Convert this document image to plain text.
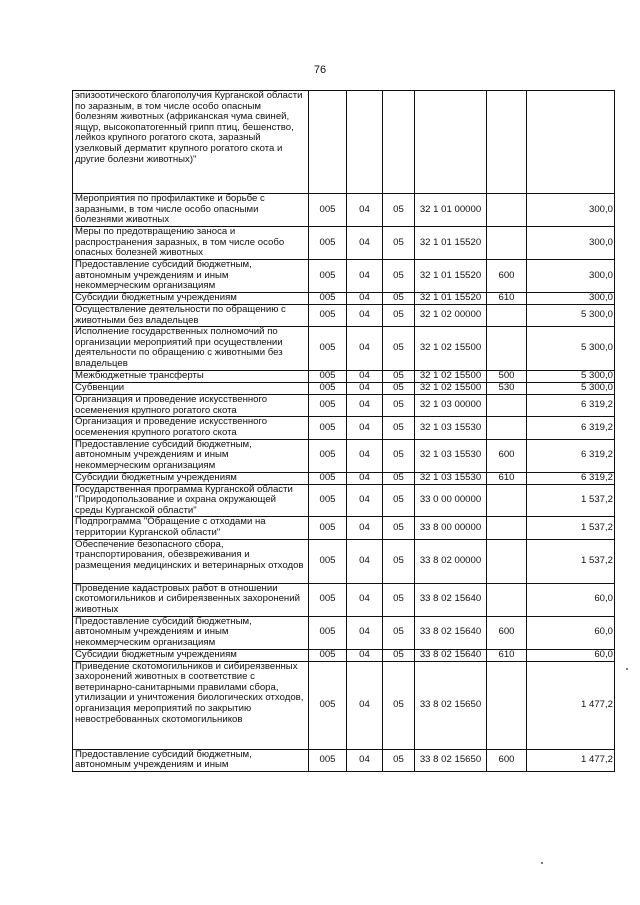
76
эпизоотического благополучия Курганской области по заразным, в том числе особо опасным болезням животных (африканская чума свиней, ящур, высокопатогенный грипп птиц, бешенство, лейкоз крупного рогатого скота, заразный узелковый дерматит крупного рогатого скота и другие болезни животных)"						
Мероприятия по профилактике и борьбе с заразными, в том числе особо опасными болезнями животных	005	04	05	32 1 01 00000		300,0
Меры по предотвращению заноса и распространения заразных, в том числе особо опасных болезней животных	005	04	05	32 1 01 15520		300,0
Предоставление субсидий бюджетным, автономным учреждениям и иным некоммерческим организациям	005	04	05	32 1 01 15520	600	300,0
Субсидии бюджетным учреждениям	005	04	05	32 1 01 15520	610	300,0
Осуществление деятельности по обращению с животными без владельцев	005	04	05	32 1 02 00000		5 300,0
Исполнение государственных полномочий по организации мероприятий при осуществлении деятельности по обращению с животными без владельцев	005	04	05	32 1 02 15500		5 300,0
Межбюджетные трансферты	005	04	05	32 1 02 15500	500	5 300,0
Субвенции	005	04	05	32 1 02 15500	530	5 300,0
Организация и проведение искусственного осеменения крупного рогатого скота	005	04	05	32 1 03 00000		6 319,2
Организация и проведение искусственного осеменения крупного рогатого скота	005	04	05	32 1 03 15530		6 319,2
Предоставление субсидий бюджетным, автономным учреждениям и иным некоммерческим организациям	005	04	05	32 1 03 15530	600	6 319,2
Субсидии бюджетным учреждениям	005	04	05	32 1 03 15530	610	6 319,2
Государственная программа Курганской области "Природопользование и охрана окружающей среды Курганской области"	005	04	05	33 0 00 00000		1 537,2
Подпрограмма "Обращение с отходами на территории Курганской области"	005	04	05	33 8 00 00000		1 537,2
Обеспечение безопасного сбора, транспортирования, обезвреживания и размещения медицинских и ветеринарных отходов	005	04	05	33 8 02 00000		1 537,2
Проведение кадастровых работ в отношении скотомогильников и сибиреязвенных захоронений животных	005	04	05	33 8 02 15640		60,0
Предоставление субсидий бюджетным, автономным учреждениям и иным некоммерческим организациям	005	04	05	33 8 02 15640	600	60,0
Субсидии бюджетным учреждениям	005	04	05	33 8 02 15640	610	60,0
Приведение скотомогильников и сибиреязвенных захоронений животных в соответствие с ветеринарно-санитарными правилами сбора, утилизации и уничтожения биологических отходов, организация мероприятий по закрытию невостребованных скотомогильников	005	04	05	33 8 02 15650		1 477,2
Предоставление субсидий бюджетным, автономным учреждениям и иным	005	04	05	33 8 02 15650	600	1 477,2
